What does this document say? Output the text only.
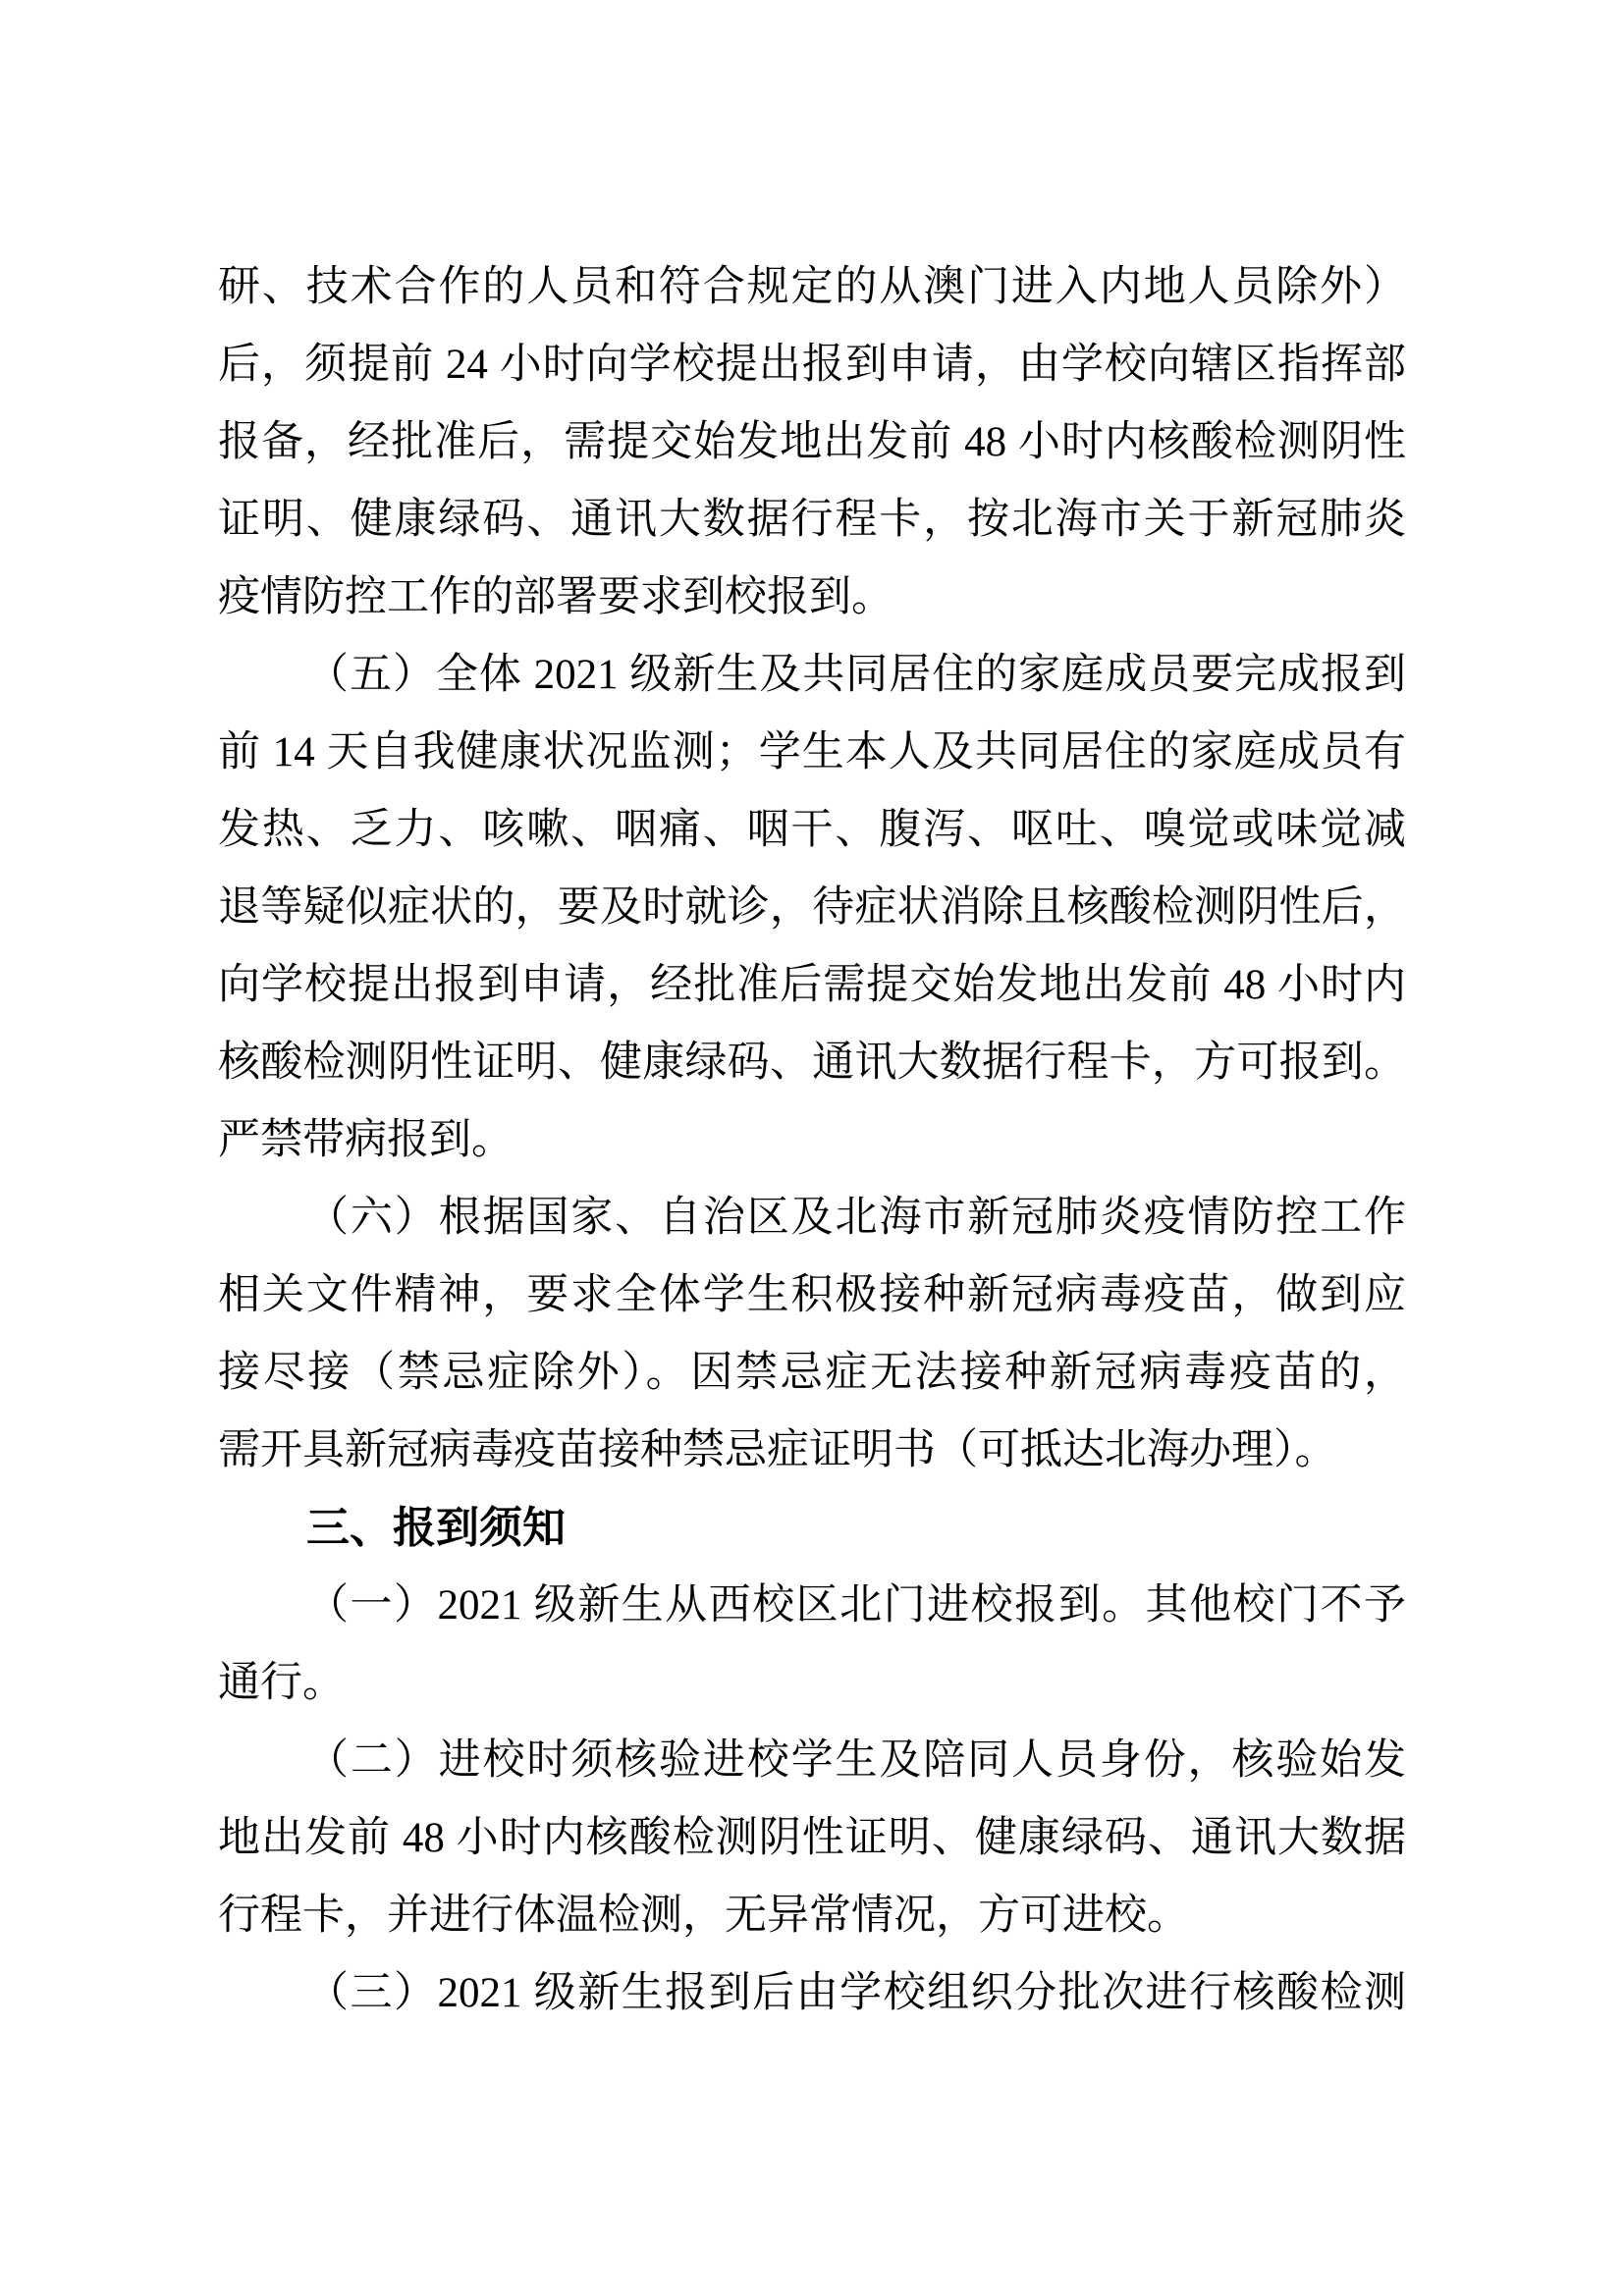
研、技术合作的人员和符合规定的从澳门进入内地人员除外）
后，须提前 24 小时向学校提出报到申请，由学校向辖区指挥部
报备，经批准后，需提交始发地出发前 48 小时内核酸检测阴性
证明、健康绿码、通讯大数据行程卡，按北海市关于新冠肺炎
疫情防控工作的部署要求到校报到。
（五）全体 2021 级新生及共同居住的家庭成员要完成报到
前 14 天自我健康状况监测；学生本人及共同居住的家庭成员有
发热、乏力、咳嗽、咽痛、咽干、腹泻、呕吐、嗅觉或味觉减
退等疑似症状的，要及时就诊，待症状消除且核酸检测阴性后，
向学校提出报到申请，经批准后需提交始发地出发前 48 小时内
核酸检测阴性证明、健康绿码、通讯大数据行程卡，方可报到。
严禁带病报到。
（六）根据国家、自治区及北海市新冠肺炎疫情防控工作
相关文件精神，要求全体学生积极接种新冠病毒疫苗，做到应
接尽接（禁忌症除外）。因禁忌症无法接种新冠病毒疫苗的，
需开具新冠病毒疫苗接种禁忌症证明书（可抵达北海办理）。
三、报到须知
（一）2021 级新生从西校区北门进校报到。其他校门不予
通行。
（二）进校时须核验进校学生及陪同人员身份，核验始发
地出发前 48 小时内核酸检测阴性证明、健康绿码、通讯大数据
行程卡，并进行体温检测，无异常情况，方可进校。
（三）2021 级新生报到后由学校组织分批次进行核酸检测
